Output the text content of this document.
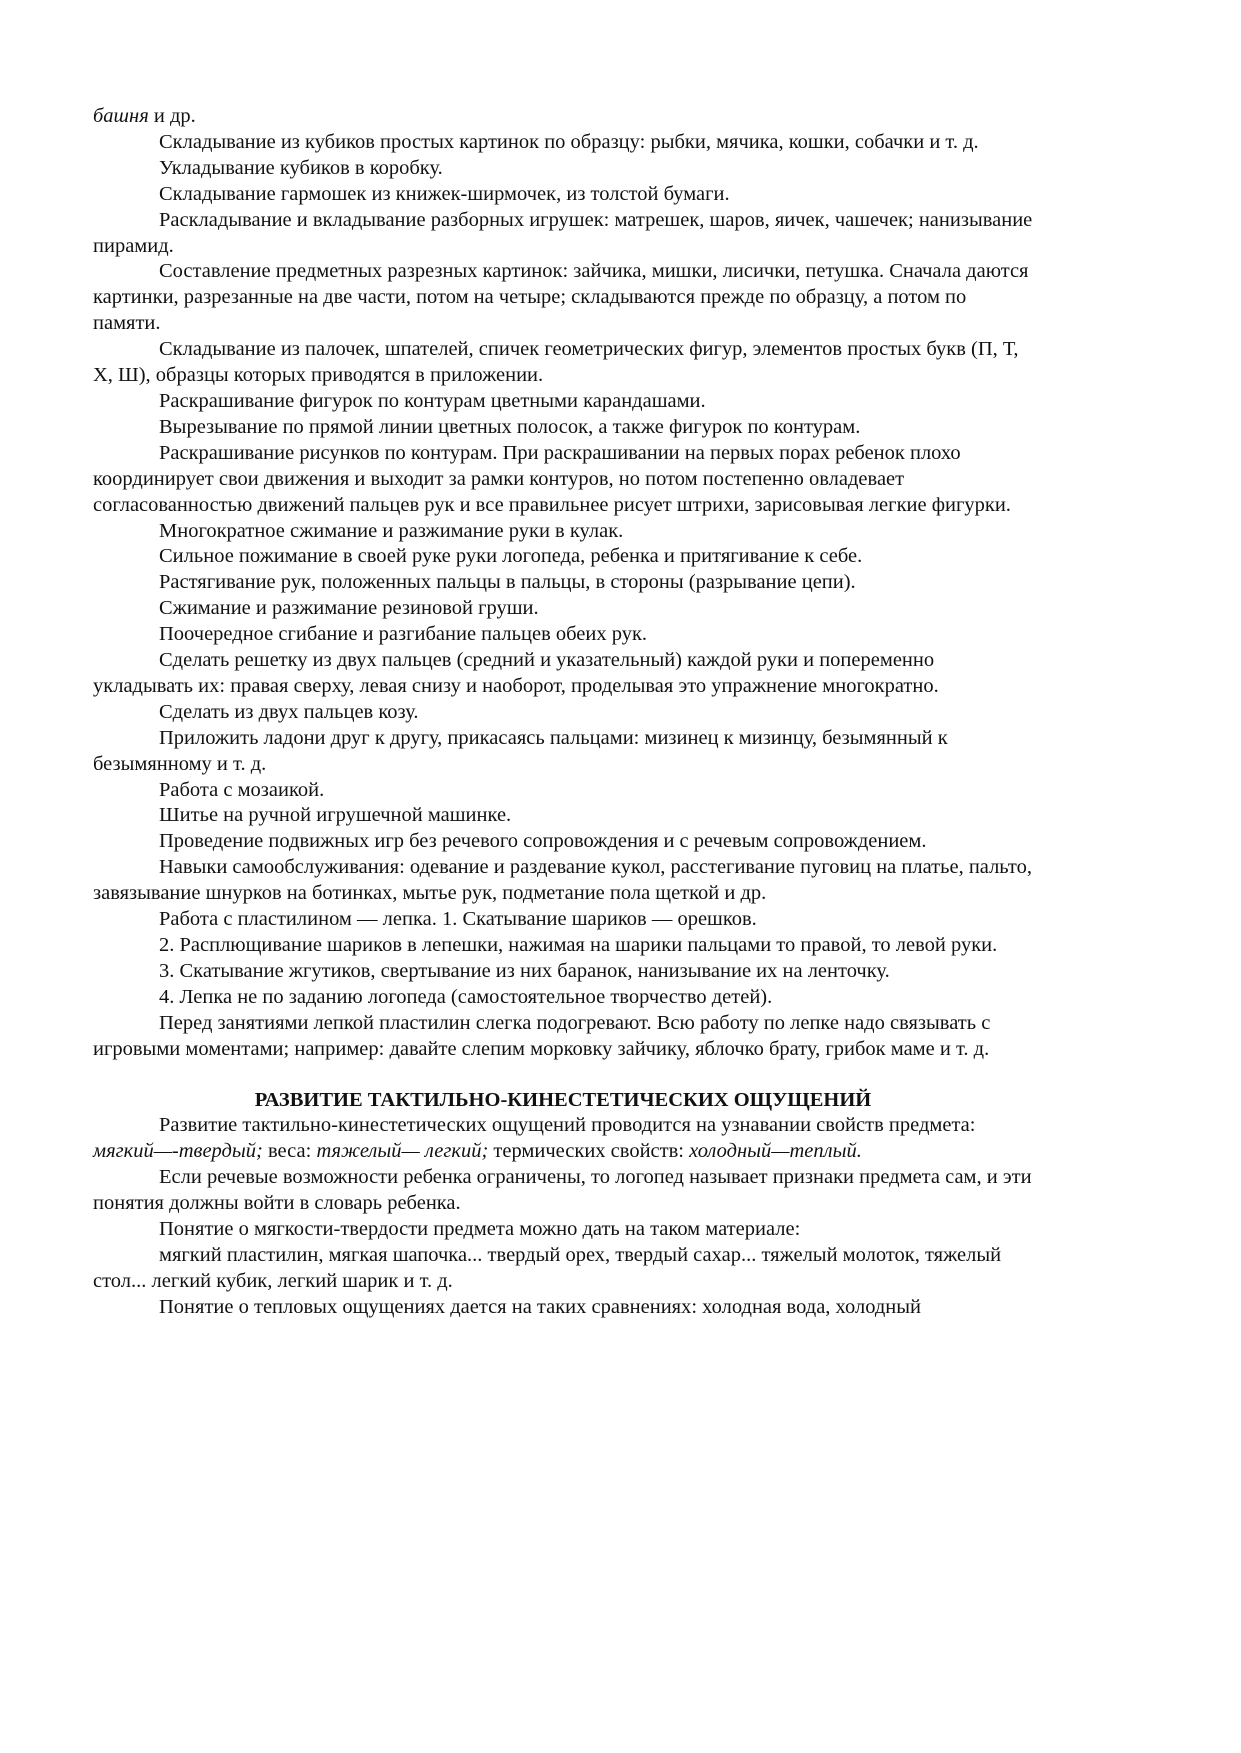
башня и др.

Складывание из кубиков простых картинок по образцу: рыбки, мячика, кошки, собачки и т. д.

Укладывание кубиков в коробку.

Складывание гармошек из книжек-ширмочек, из толстой бумаги.

Раскладывание и вкладывание разборных игрушек: матрешек, шаров, яичек, чашечек; нанизывание пирамид.

Составление предметных разрезных картинок: зайчика, мишки, лисички, петушка. Сначала даются картинки, разрезанные на две части, потом на четыре; складываются прежде по образцу, а потом по памяти.

Складывание из палочек, шпателей, спичек геометрических фигур, элементов простых букв (П, Т, X, Ш), образцы которых приводятся в приложении.

Раскрашивание фигурок по контурам цветными карандашами.

Вырезывание по прямой линии цветных полосок, а также фигурок по контурам.

Раскрашивание рисунков по контурам. При раскрашивании на первых порах ребенок плохо координирует свои движения и выходит за рамки контуров, но потом постепенно овладевает согласованностью движений пальцев рук и все правильнее рисует штрихи, зарисовывая легкие фигурки.

Многократное сжимание и разжимание руки в кулак.

Сильное пожимание в своей руке руки логопеда, ребенка и притягивание к себе.

Растягивание рук, положенных пальцы в пальцы, в стороны (разрывание цепи).

Сжимание и разжимание резиновой груши.

Поочередное сгибание и разгибание пальцев обеих рук.

Сделать решетку из двух пальцев (средний и указательный) каждой руки и попеременно укладывать их: правая сверху, левая снизу и наоборот, проделывая это упражнение многократно.

Сделать из двух пальцев козу.

Приложить ладони друг к другу, прикасаясь пальцами: мизинец к мизинцу, безымянный к безымянному и т. д.

Работа с мозаикой.

Шитье на ручной игрушечной машинке.

Проведение подвижных игр без речевого сопровождения и с речевым сопровождением.

Навыки самообслуживания: одевание и раздевание кукол, расстегивание пуговиц на платье, пальто, завязывание шнурков на ботинках, мытье рук, подметание пола щеткой и др.

Работа с пластилином — лепка. 1. Скатывание шариков — орешков.

2. Расплющивание шариков в лепешки, нажимая на шарики пальцами то правой, то левой руки.

3. Скатывание жгутиков, свертывание из них баранок, нанизывание их на ленточку.

4. Лепка не по заданию логопеда (самостоятельное творчество детей).

Перед занятиями лепкой пластилин слегка подогревают. Всю работу по лепке надо связывать с игровыми моментами; например: давайте слепим морковку зайчику, яблочко брату, грибок маме и т. д.

РАЗВИТИЕ ТАКТИЛЬНО-КИНЕСТЕТИЧЕСКИХ ОЩУЩЕНИЙ

Развитие тактильно-кинестетических ощущений проводится на узнавании свойств предмета: мягкий—-твердый; веса: тяжелый— легкий; термических свойств: холодный—теплый.

Если речевые возможности ребенка ограничены, то логопед называет признаки предмета сам, и эти понятия должны войти в словарь ребенка.

Понятие о мягкости-твердости предмета можно дать на таком материале:

мягкий пластилин, мягкая шапочка... твердый орех, твердый сахар... тяжелый молоток, тяжелый стол... легкий кубик, легкий шарик и т. д.

Понятие о тепловых ощущениях дается на таких сравнениях: холодная вода, холодный
